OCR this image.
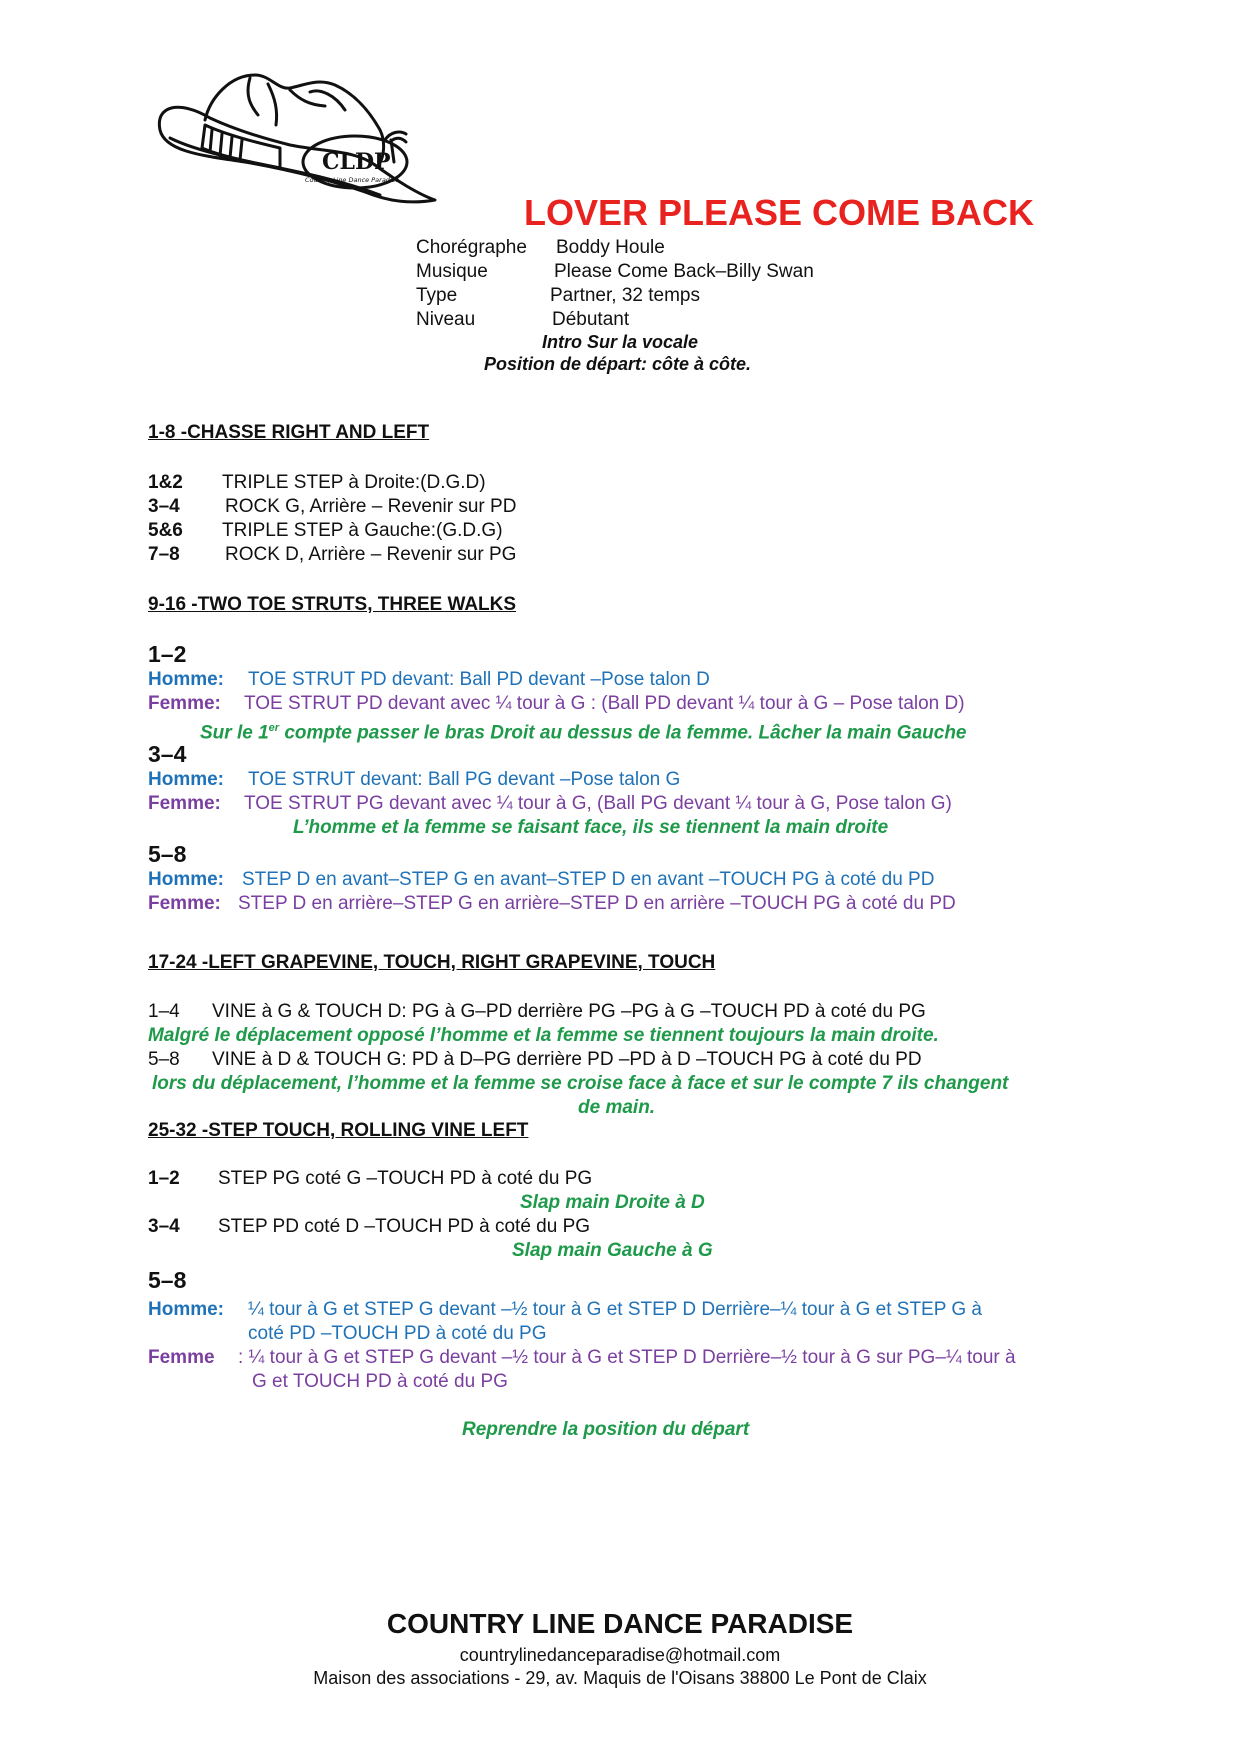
CLDP
Country Line Dance Paradise
LOVER PLEASE COME BACK
Chorégraphe Boddy Houle
Musique	Please Come Back–Billy Swan
Type	Partner, 32 temps
Niveau	Débutant
Intro Sur la vocale
Position de départ: côte à côte.
1-8 -CHASSE RIGHT AND LEFT
1&2 TRIPLE STEP à Droite:(D.G.D)
3–4 ROCK G, Arrière – Revenir sur PD
5&6 TRIPLE STEP à Gauche:(G.D.G)
7–8 ROCK D, Arrière – Revenir sur PG
9-16 -TWO TOE STRUTS, THREE WALKS
1–2
Homme: TOE STRUT PD devant: Ball PD devant –Pose talon D
Femme: TOE STRUT PD devant avec ¼ tour à G : (Ball PD devant ¼ tour à G – Pose talon D)
Sur le 1er compte passer le bras Droit au dessus de la femme. Lâcher la main Gauche
3–4
Homme: TOE STRUT devant: Ball PG devant –Pose talon G
Femme: TOE STRUT PG devant avec ¼ tour à G, (Ball PG devant ¼ tour à G, Pose talon G)
L’homme et la femme se faisant face, ils se tiennent la main droite
5–8
Homme: STEP D en avant–STEP G en avant–STEP D en avant –TOUCH PG à coté du PD
Femme: STEP D en arrière–STEP G en arrière–STEP D en arrière –TOUCH PG à coté du PD
17-24 -LEFT GRAPEVINE, TOUCH, RIGHT GRAPEVINE, TOUCH
1–4 VINE à G & TOUCH D: PG à G–PD derrière PG –PG à G –TOUCH PD à coté du PG
Malgré le déplacement opposé l’homme et la femme se tiennent toujours la main droite.
5–8 VINE à D & TOUCH G: PD à D–PG derrière PD –PD à D –TOUCH PG à coté du PD
lors du déplacement, l’homme et la femme se croise face à face et sur le compte 7 ils changent
de main.
25-32 -STEP TOUCH, ROLLING VINE LEFT
1–2 STEP PG coté G –TOUCH PD à coté du PG
Slap main Droite à D
3–4 STEP PD coté D –TOUCH PD à coté du PG
Slap main Gauche à G
5–8
Homme: ¼ tour à G et STEP G devant –½ tour à G et STEP D Derrière–¼ tour à G et STEP G à
coté PD –TOUCH PD à coté du PG
Femme : ¼ tour à G et STEP G devant –½ tour à G et STEP D Derrière–½ tour à G sur PG–¼ tour à
G et TOUCH PD à coté du PG
Reprendre la position du départ
COUNTRY LINE DANCE PARADISE
countrylinedanceparadise@hotmail.com
Maison des associations - 29, av. Maquis de l'Oisans 38800 Le Pont de Claix
